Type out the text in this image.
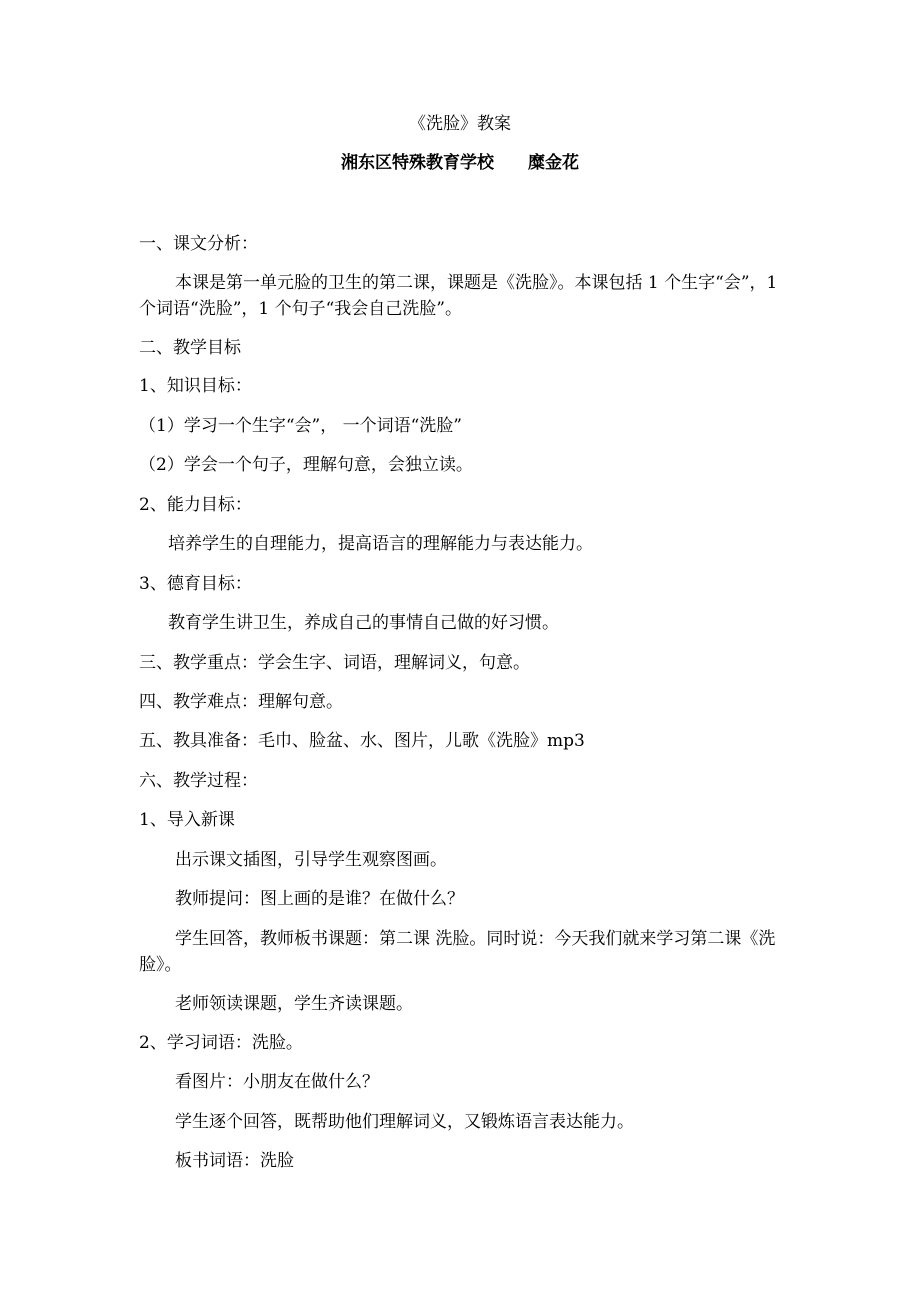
《洗脸》教案
湘东区特殊教育学校 糜金花
一、课文分析：
本课是第一单元脸的卫生的第二课，课题是《洗脸》。本课包括 1 个生字“会”，1 个词语“洗脸”，1 个句子“我会自己洗脸”。
二、教学目标
1、知识目标：
（1）学习一个生字“会”， 一个词语“洗脸”
（2）学会一个句子，理解句意，会独立读。
2、能力目标：
培养学生的自理能力，提高语言的理解能力与表达能力。
3、德育目标：
教育学生讲卫生，养成自己的事情自己做的好习惯。
三、教学重点：学会生字、词语，理解词义，句意。
四、教学难点：理解句意。
五、教具准备：毛巾、脸盆、水、图片，儿歌《洗脸》mp3
六、教学过程：
1、导入新课
出示课文插图，引导学生观察图画。
教师提问：图上画的是谁？在做什么？
学生回答，教师板书课题：第二课 洗脸。同时说：今天我们就来学习第二课《洗脸》。
老师领读课题，学生齐读课题。
2、学习词语：洗脸。
看图片：小朋友在做什么？
学生逐个回答，既帮助他们理解词义，又锻炼语言表达能力。
板书词语：洗脸
